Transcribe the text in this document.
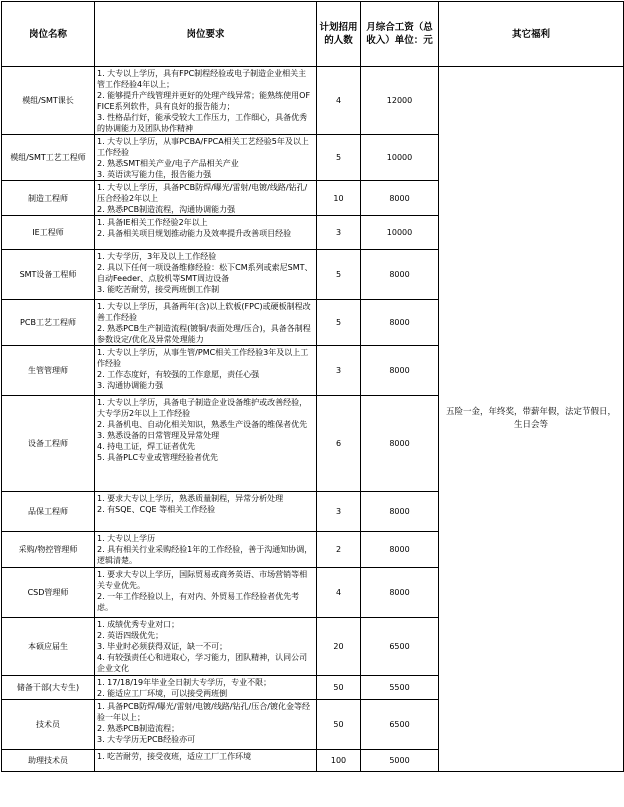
岗位名称	岗位要求	计划招用的人数	月综合工资（总收入）单位：元	其它福利
模组/SMT课长	1. 大专以上学历，具有FPC制程经验或电子制造企业相关主管工作经验4年以上；
2. 能够提升产线管理并更好的处理产线异常；能熟练使用OFFICE系列软件，具有良好的报告能力；
3. 性格品行好，能承受较大工作压力，工作细心，具备优秀的协调能力及团队协作精神	4	12000	五险一金，年终奖，带薪年假，法定节假日，生日会等
模组/SMT工艺工程师	1. 大专以上学历，从事PCBA/FPCA相关工艺经验5年及以上工作经验
2. 熟悉SMT相关产业/电子产品相关产业
3. 英语读写能力佳，报告能力强	5	10000	
制造工程师	1. 大专以上学历，具备PCB防焊/曝光/雷射/电镀/线路/钻孔/压合经验2年以上
2. 熟悉PCB制造流程，沟通协调能力强	10	8000	
IE工程师	1. 具备IE相关工作经验2年以上
2. 具备相关项目规划推动能力及效率提升改善项目经验	3	10000	
SMT设备工程师	1. 大专学历，3年及以上工作经验
2. 具以下任何一项设备维修经验：松下CM系列或索尼SMT、自动Feeder、点胶机等SMT周边设备
3. 能吃苦耐劳，接受两班倒工作制	5	8000	
PCB工艺工程师	1. 大专以上学历，具备两年(含)以上软板(FPC)或硬板制程改善工作经验
2. 熟悉PCB生产制造流程(镀铜/表面处理/压合)，具备各制程参数设定/优化及异常处理能力	5	8000	
生管管理师	1. 大专以上学历，从事生管/PMC相关工作经验3年及以上工作经验
2. 工作态度好，有较强的工作意愿，责任心强
3. 沟通协调能力强	3	8000	
设备工程师	1. 大专以上学历，具备电子制造企业设备维护或改善经验，大专学历2年以上工作经验
2. 具备机电、自动化相关知识，熟悉生产设备的维保者优先
3. 熟悉设备的日常管理及异常处理
4. 持电工证，焊工证者优先
5. 具备PLC专业或管理经验者优先	6	8000	
品保工程师	1. 要求大专以上学历，熟悉质量制程，异常分析处理
2. 有SQE、CQE 等相关工作经验	3	8000	
采购/物控管理师	1. 大专以上学历
2. 具有相关行业采购经验1年的工作经验，善于沟通知协调，逻辑清楚。	2	8000	
CSD管理师	1. 要求大专以上学历，国际贸易或商务英语、市场营销等相关专业优先。
2. 一年工作经验以上，有对内、外贸易工作经验者优先考虑。	4	8000	
本硕应届生	1. 成绩优秀专业对口；
2. 英语四级优先；
3. 毕业时必须获得双证，缺一不可；
4. 有较强责任心和进取心，学习能力，团队精神，认同公司企业文化	20	6500	
储备干部(大专生)	1. 17/18/19年毕业全日制大专学历，专业不限；
2. 能适应工厂环境，可以接受两班倒	50	5500	
技术员	1. 具备PCB防焊/曝光/雷射/电镀/线路/钻孔/压合/镀化金等经验一年以上；
2. 熟悉PCB制造流程；
3. 大专学历无PCB经验亦可	50	6500	
助理技术员	1. 吃苦耐劳，接受夜班，适应工厂工作环境	100	5000	
